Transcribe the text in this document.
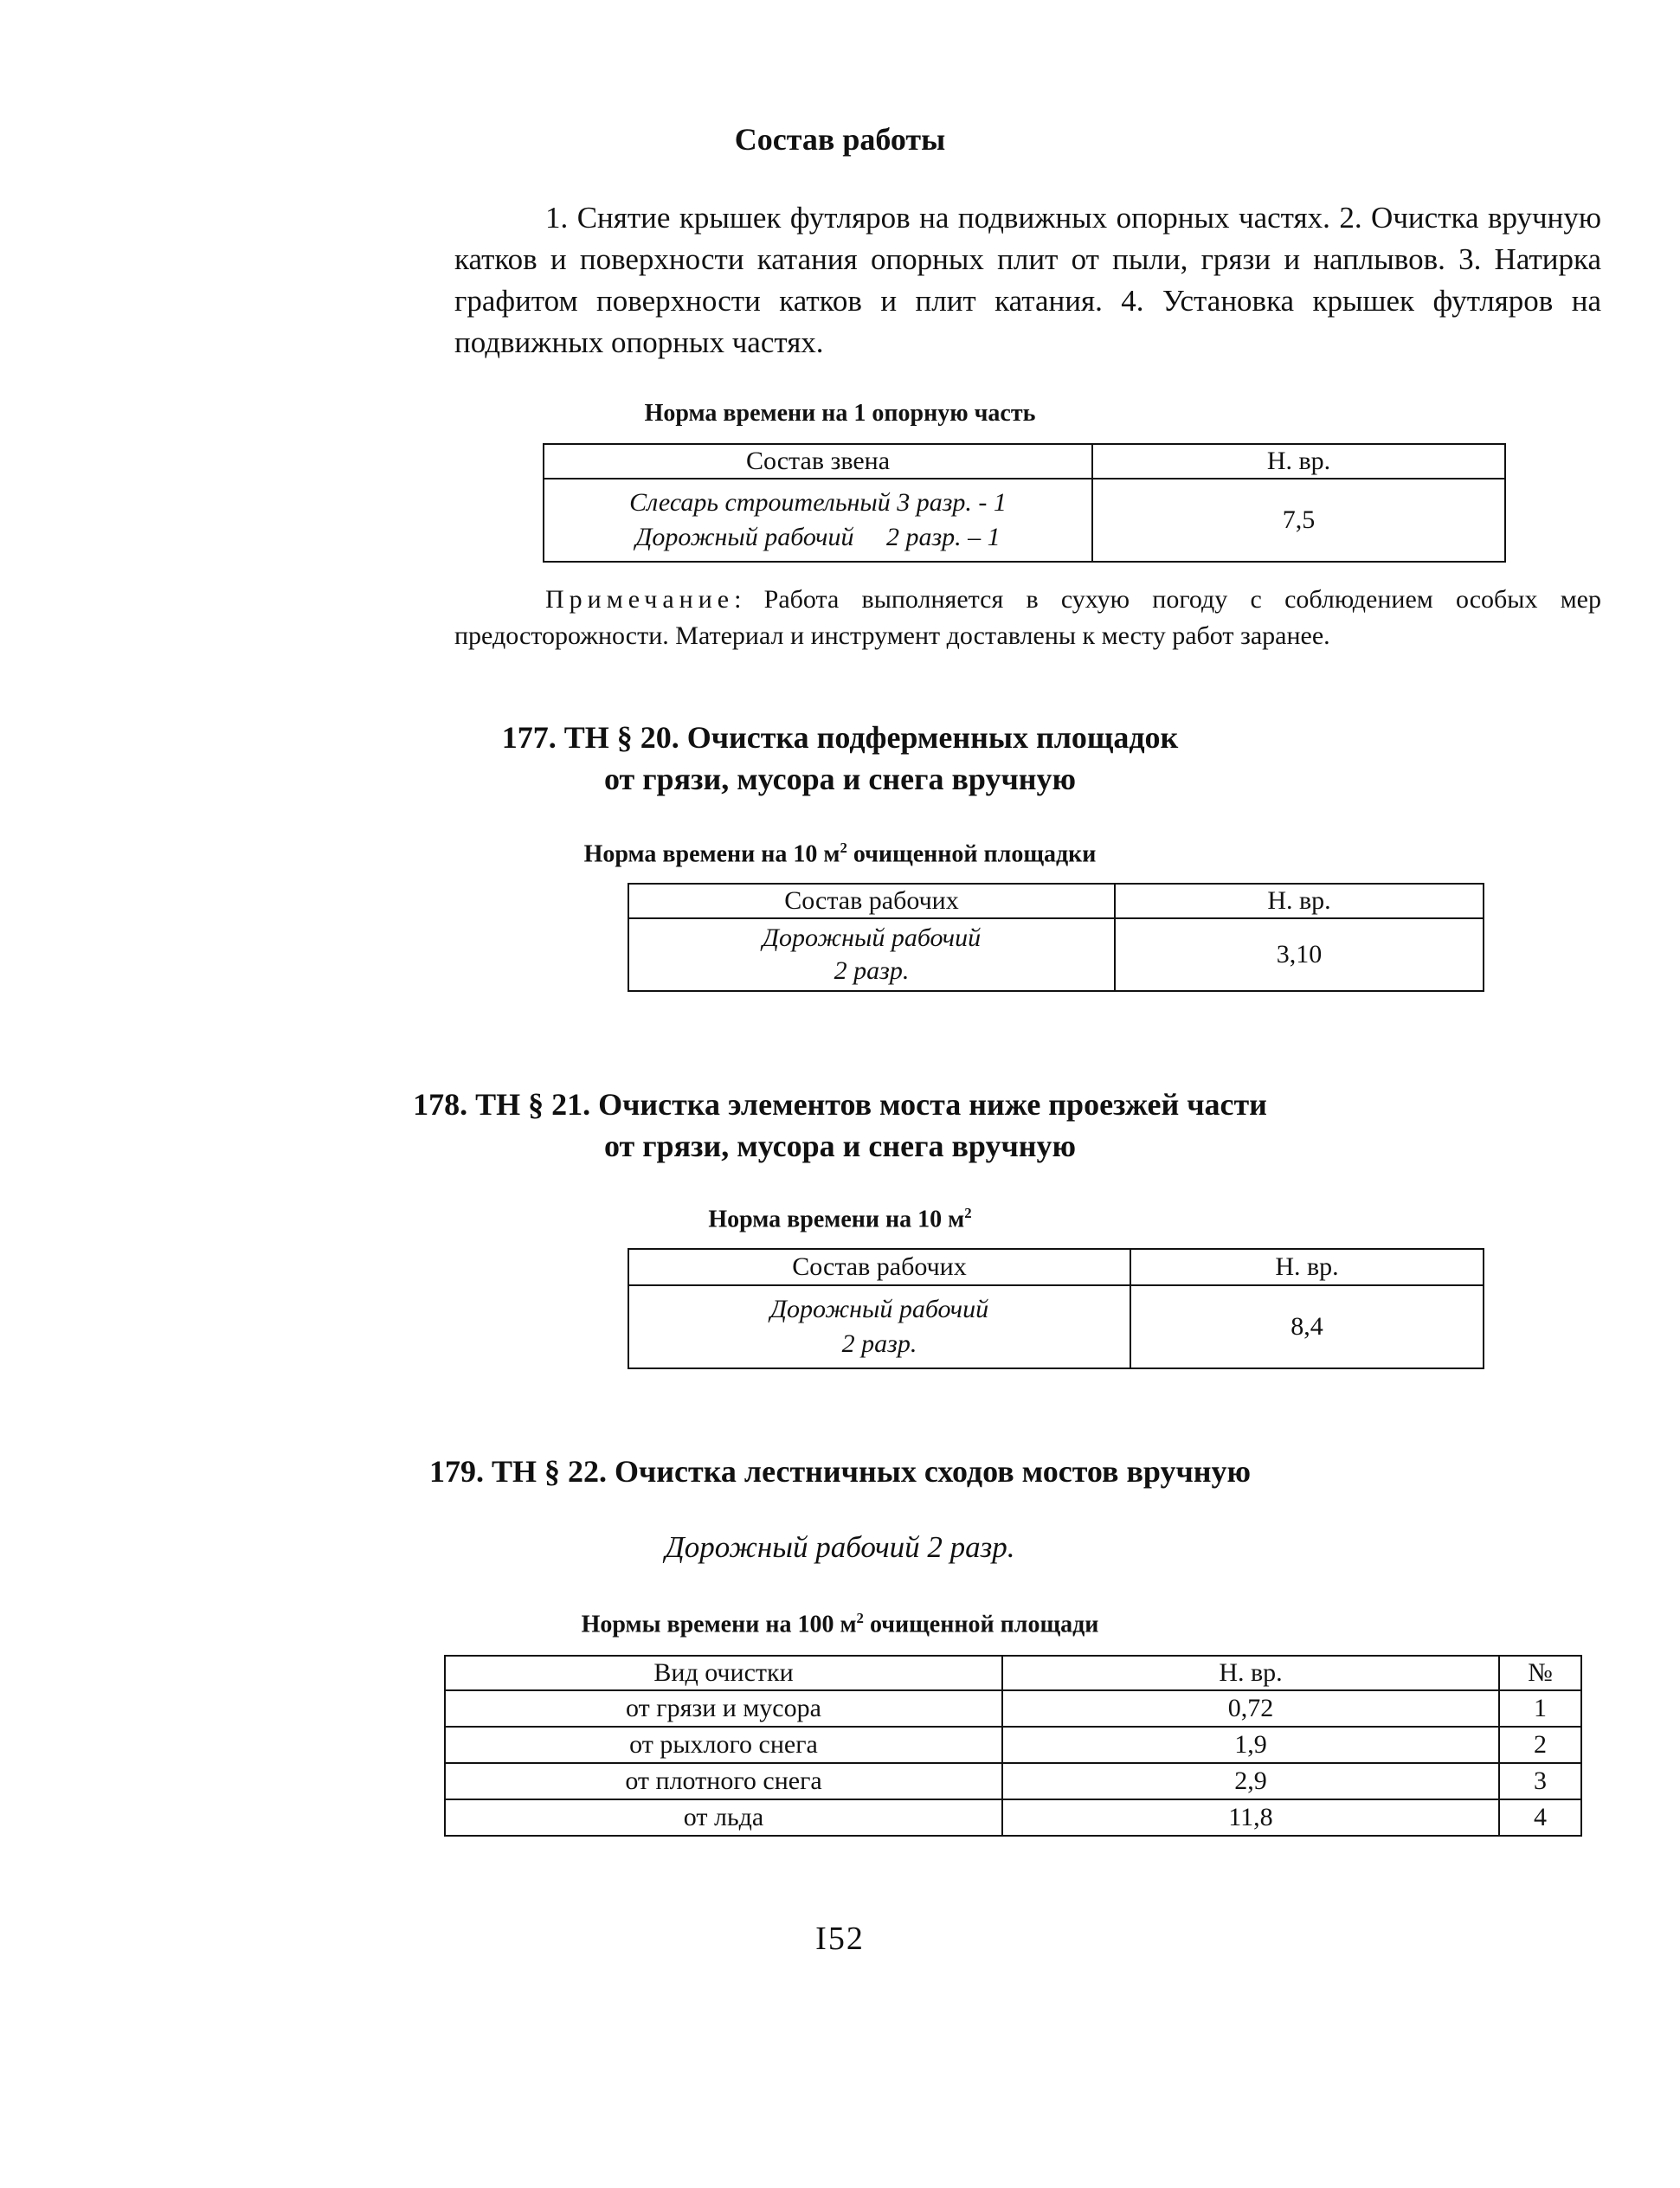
Состав работы
1. Снятие крышек футляров на подвижных опорных частях. 2. Очистка вручную катков и поверхности катания опорных плит от пыли, грязи и наплывов. 3. Натирка графитом поверхности катков и плит катания. 4. Установка крышек футляров на подвижных опорных частях.
Норма времени на 1 опорную часть
Состав звена	Н. вр.

Слесарь строительный 3 разр. - 1
Дорожный рабочий     2 разр. – 1	7,5
Примечание: Работа выполняется в сухую погоду с соблюдением особых мер предосторожности. Материал и инструмент доставлены к месту работ заранее.
177. ТН § 20. Очистка подферменных площадок
от грязи, мусора и снега вручную
Норма времени на 10 $м^2$ очищенной площадки
Состав рабочих	Н. вр.

Дорожный рабочий
2 разр.	3,10
178. ТН § 21. Очистка элементов моста ниже проезжей части
от грязи, мусора и снега вручную
Норма времени на 10 $м^2$
Состав рабочих	Н. вр.

Дорожный рабочий
2 разр.	8,4
179. ТН § 22. Очистка лестничных сходов мостов вручную
Дорожный рабочий 2 разр.
Нормы времени на 100 $м^2$ очищенной площади
Вид очистки	Н. вр.	№
от грязи и мусора	0,72	1
от рыхлого снега	1,9	2
от плотного снега	2,9	3
от льда	11,8	4
I52
